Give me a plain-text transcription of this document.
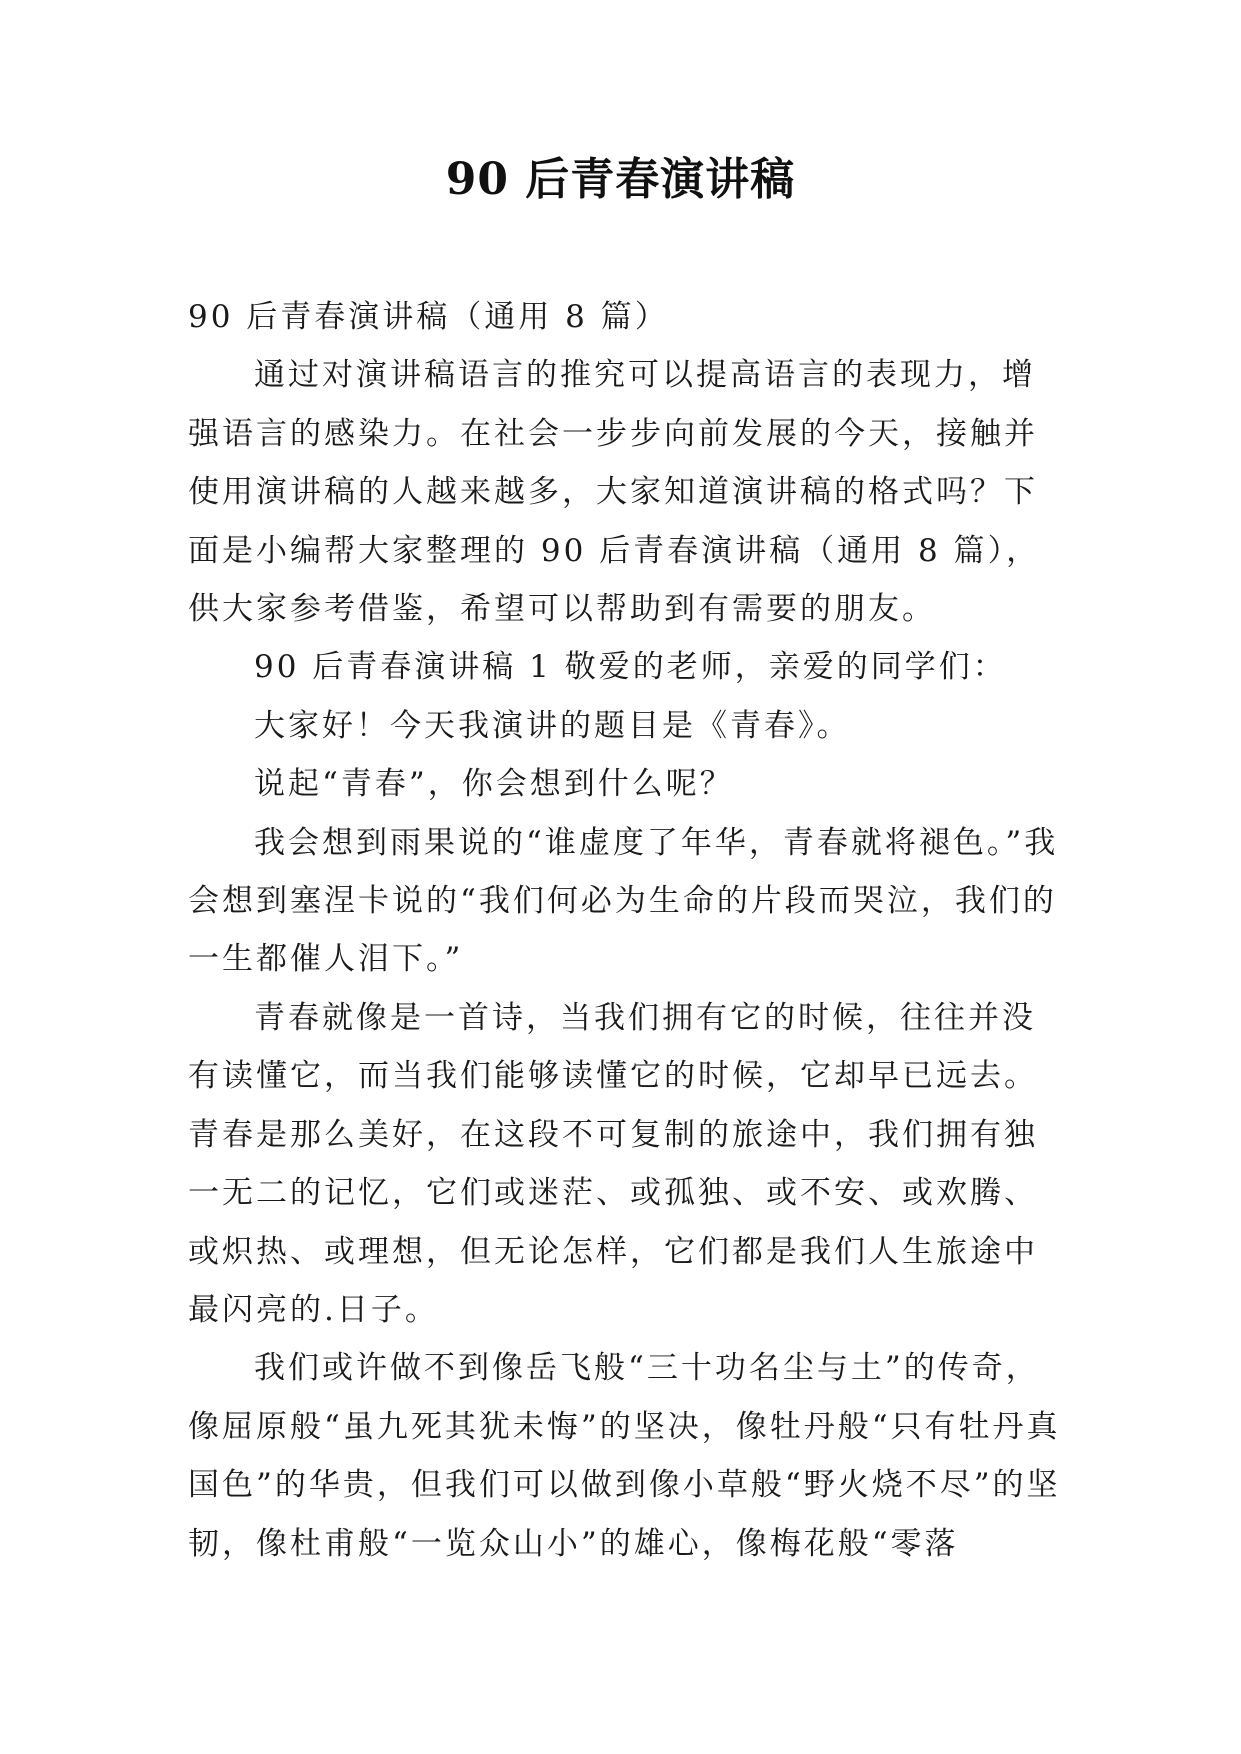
90 后青春演讲稿

90 后青春演讲稿（通用 8 篇）

通过对演讲稿语言的推究可以提高语言的表现力，增强语言的感染力。在社会一步步向前发展的今天，接触并使用演讲稿的人越来越多，大家知道演讲稿的格式吗？下面是小编帮大家整理的 90 后青春演讲稿（通用 8 篇），供大家参考借鉴，希望可以帮助到有需要的朋友。

90 后青春演讲稿 1 敬爱的老师，亲爱的同学们：

大家好！今天我演讲的题目是《青春》。

说起“青春”，你会想到什么呢？

我会想到雨果说的“谁虚度了年华，青春就将褪色。”我会想到塞涅卡说的“我们何必为生命的片段而哭泣，我们的一生都催人泪下。”

青春就像是一首诗，当我们拥有它的时候，往往并没有读懂它，而当我们能够读懂它的时候，它却早已远去。青春是那么美好，在这段不可复制的旅途中，我们拥有独一无二的记忆，它们或迷茫、或孤独、或不安、或欢腾、或炽热、或理想，但无论怎样，它们都是我们人生旅途中最闪亮的.日子。

我们或许做不到像岳飞般“三十功名尘与土”的传奇，像屈原般“虽九死其犹未悔”的坚决，像牡丹般“只有牡丹真国色”的华贵，但我们可以做到像小草般“野火烧不尽”的坚韧，像杜甫般“一览众山小”的雄心，像梅花般“零落
